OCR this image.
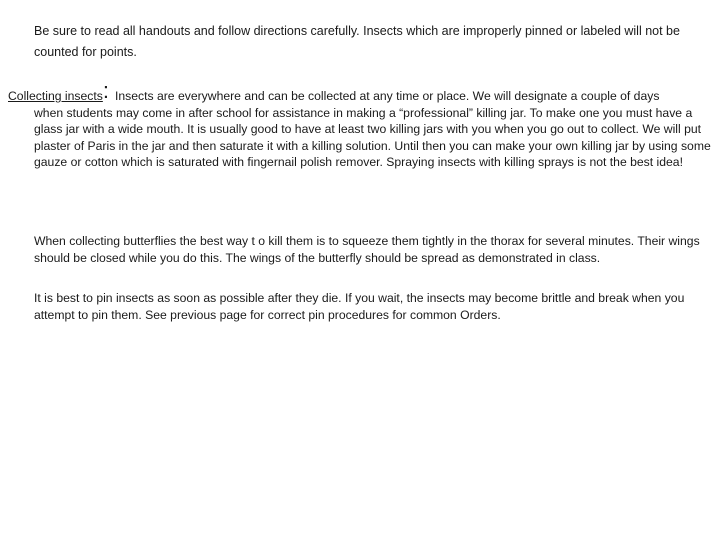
Be sure to read all handouts and follow directions carefully. Insects which are improperly pinned or labeled will not be counted for points.

Collecting insects: Insects are everywhere and can be collected at any time or place. We will designate a couple of days

when students may come in after school for assistance in making a “professional” killing jar. To make one you must have a glass jar with a wide mouth. It is usually good to have at least two killing jars with you when you go out to collect. We will put plaster of Paris in the jar and then saturate it with a killing solution. Until then you can make your own killing jar by using some gauze or cotton which is saturated with fingernail polish remover. Spraying insects with killing sprays is not the best idea!

When collecting butterflies the best way t o kill them is to squeeze them tightly in the thorax for several minutes. Their wings should be closed while you do this. The wings of the butterfly should be spread as demonstrated in class.

It is best to pin insects as soon as possible after they die. If you wait, the insects may become brittle and break when you attempt to pin them. See previous page for correct pin procedures for common Orders.
